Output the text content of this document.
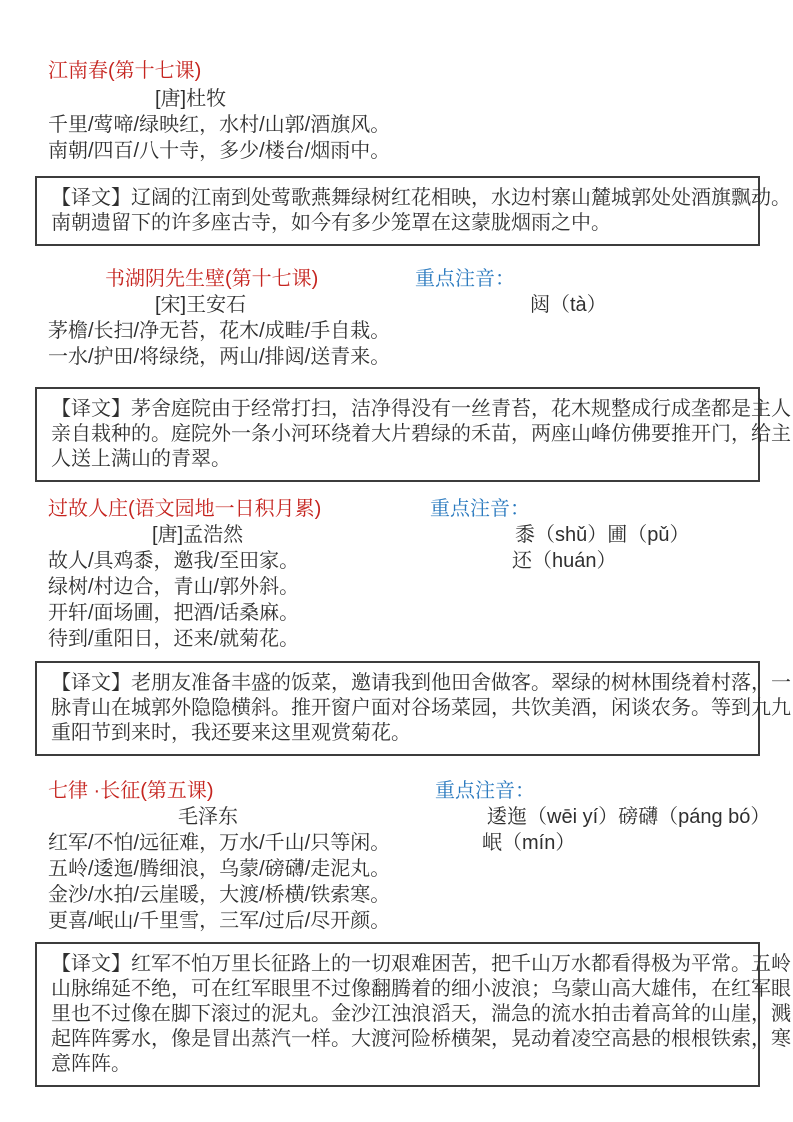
江南春(第十七课)
[唐]杜牧
千里/莺啼/绿映红，水村/山郭/酒旗风。
南朝/四百/八十寺，多少/楼台/烟雨中。
【译文】辽阔的江南到处莺歌燕舞绿树红花相映，水边村寨山麓城郭处处酒旗飘动。
南朝遗留下的许多座古寺，如今有多少笼罩在这蒙胧烟雨之中。
书湖阴先生壁(第十七课)	重点注音：
[宋]王安石	闼（tà）
茅檐/长扫/净无苔，花木/成畦/手自栽。
一水/护田/将绿绕，两山/排闼/送青来。
【译文】茅舍庭院由于经常打扫，洁净得没有一丝青苔，花木规整成行成垄都是主人
亲自栽种的。庭院外一条小河环绕着大片碧绿的禾苗，两座山峰仿佛要推开门，给主
人送上满山的青翠。
过故人庄(语文园地一日积月累)	重点注音：
[唐]孟浩然	黍（shǔ）圃（pǔ）
还（huán）
故人/具鸡黍，邀我/至田家。
绿树/村边合，青山/郭外斜。
开轩/面场圃，把酒/话桑麻。
待到/重阳日，还来/就菊花。
【译文】老朋友准备丰盛的饭菜，邀请我到他田舍做客。翠绿的树林围绕着村落，一
脉青山在城郭外隐隐横斜。推开窗户面对谷场菜园，共饮美酒，闲谈农务。等到九九
重阳节到来时，我还要来这里观赏菊花。
七律 ·长征(第五课)	重点注音：
毛泽东	逶迤（wēi yí）磅礴（páng bó）
岷（mín）
红军/不怕/远征难，万水/千山/只等闲。
五岭/逶迤/腾细浪，乌蒙/磅礴/走泥丸。
金沙/水拍/云崖暖，大渡/桥横/铁索寒。
更喜/岷山/千里雪，三军/过后/尽开颜。
【译文】红军不怕万里长征路上的一切艰难困苦，把千山万水都看得极为平常。五岭
山脉绵延不绝，可在红军眼里不过像翻腾着的细小波浪；乌蒙山高大雄伟，在红军眼
里也不过像在脚下滚过的泥丸。金沙江浊浪滔天，湍急的流水拍击着高耸的山崖，溅
起阵阵雾水，像是冒出蒸汽一样。大渡河险桥横架，晃动着凌空高悬的根根铁索，寒
意阵阵。
